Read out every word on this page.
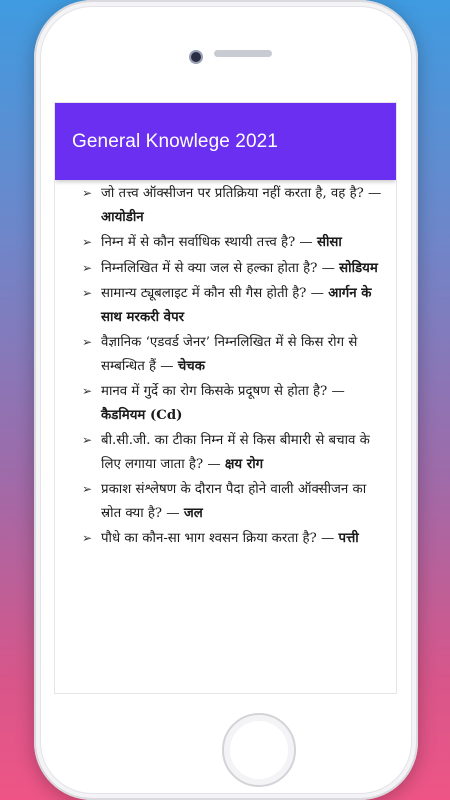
General Knowlege 2021
➢ जो तत्त्व ऑक्सीजन पर प्रतिक्रिया नहीं करता है, वह है? — आयोडीन
➢ निम्न में से कौन सर्वाधिक स्थायी तत्त्व है? — सीसा
➢ निम्नलिखित में से क्या जल से हल्का होता है? — सोडियम
➢ सामान्य ट्यूबलाइट में कौन सी गैस होती है? — आर्गन के साथ मरकरी वेपर
➢ वैज्ञानिक ‘एडवर्ड जेनर’ निम्नलिखित में से किस रोग से सम्बन्धित हैं — चेचक
➢ मानव में गुर्दे का रोग किसके प्रदूषण से होता है? — कैडमियम (Cd)
➢ बी.सी.जी. का टीका निम्न में से किस बीमारी से बचाव के लिए लगाया जाता है? — क्षय रोग
➢ प्रकाश संश्लेषण के दौरान पैदा होने वाली ऑक्सीजन का स्रोत क्या है? — जल
➢ पौधे का कौन-सा भाग श्वसन क्रिया करता है? — पत्ती
